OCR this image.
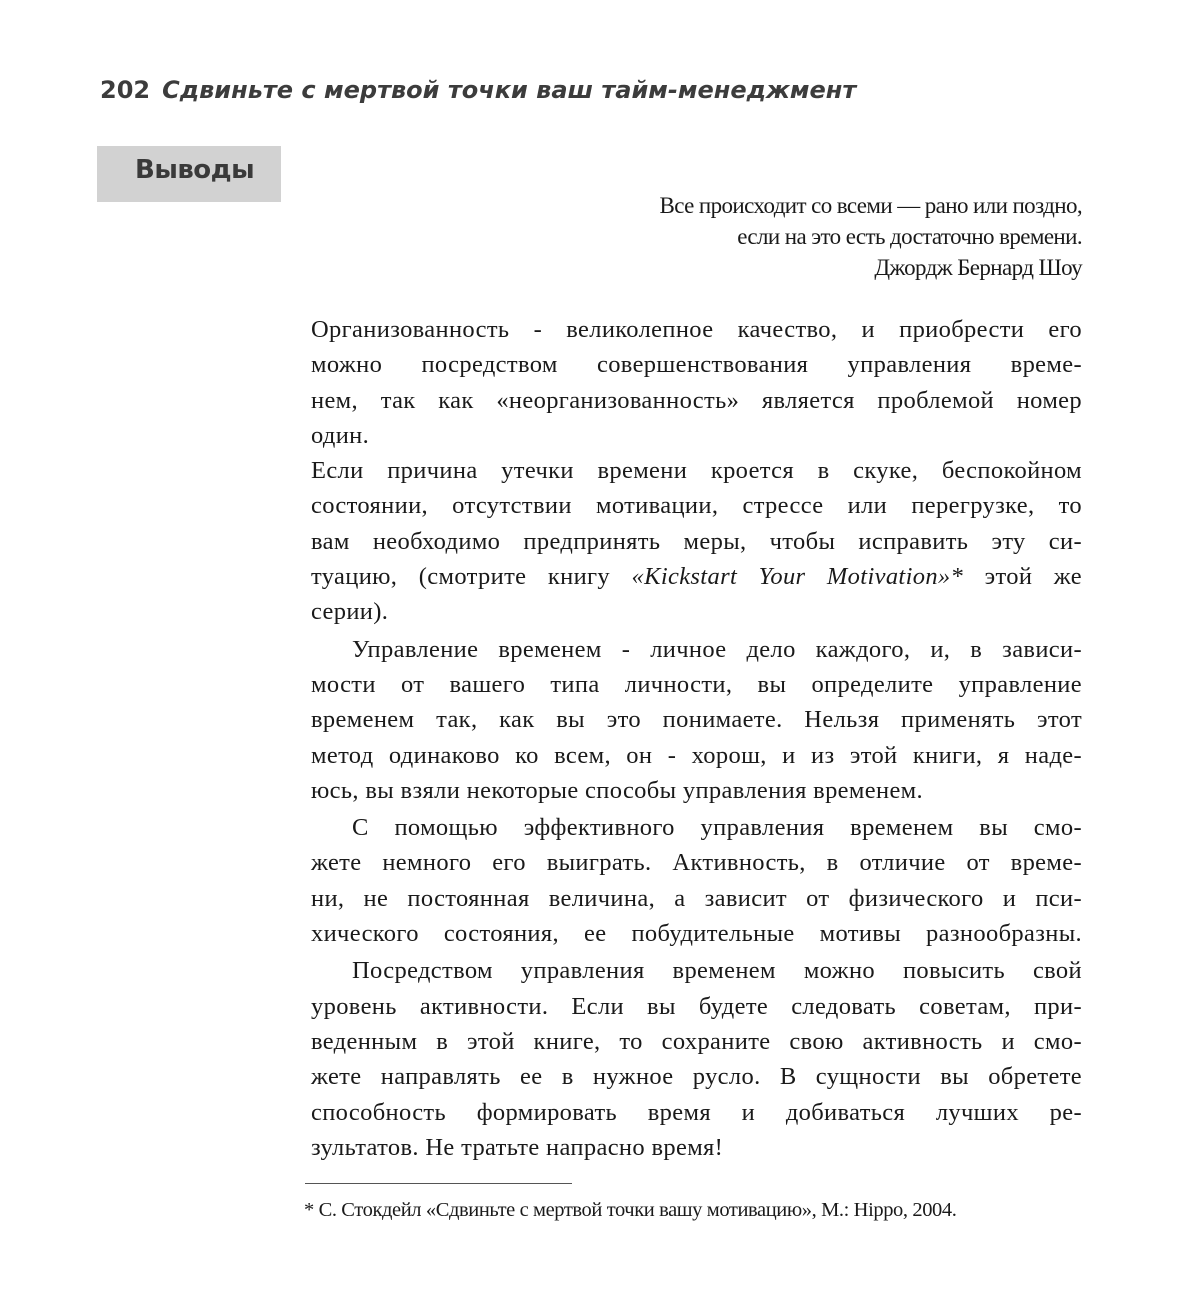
202 Сдвиньте с мертвой точки ваш тайм-менеджмент
Выводы
Все происходит со всеми — рано или поздно,
если на это есть достаточно времени.
Джордж Бернард Шоу
Организованность - великолепное качество, и приобрести его
можно посредством совершенствования управления време-
нем, так как «неорганизованность» является проблемой номер
один.
Если причина утечки времени кроется в скуке, беспокойном
состоянии, отсутствии мотивации, стрессе или перегрузке, то
вам необходимо предпринять меры, чтобы исправить эту си-
туацию, (смотрите книгу «Kickstart Your Motivation»* этой же
серии).
Управление временем - личное дело каждого, и, в зависи-
мости от вашего типа личности, вы определите управление
временем так, как вы это понимаете. Нельзя применять этот
метод одинаково ко всем, он - хорош, и из этой книги, я наде-
юсь, вы взяли некоторые способы управления временем.
С помощью эффективного управления временем вы смо-
жете немного его выиграть. Активность, в отличие от време-
ни, не постоянная величина, а зависит от физического и пси-
хического состояния, ее побудительные мотивы разнообразны.
Посредством управления временем можно повысить свой
уровень активности. Если вы будете следовать советам, при-
веденным в этой книге, то сохраните свою активность и смо-
жете направлять ее в нужное русло. В сущности вы обретете
способность формировать время и добиваться лучших ре-
зультатов. Не тратьте напрасно время!
* С. Стокдейл «Сдвиньте с мертвой точки вашу мотивацию», М.: Hippo, 2004.
